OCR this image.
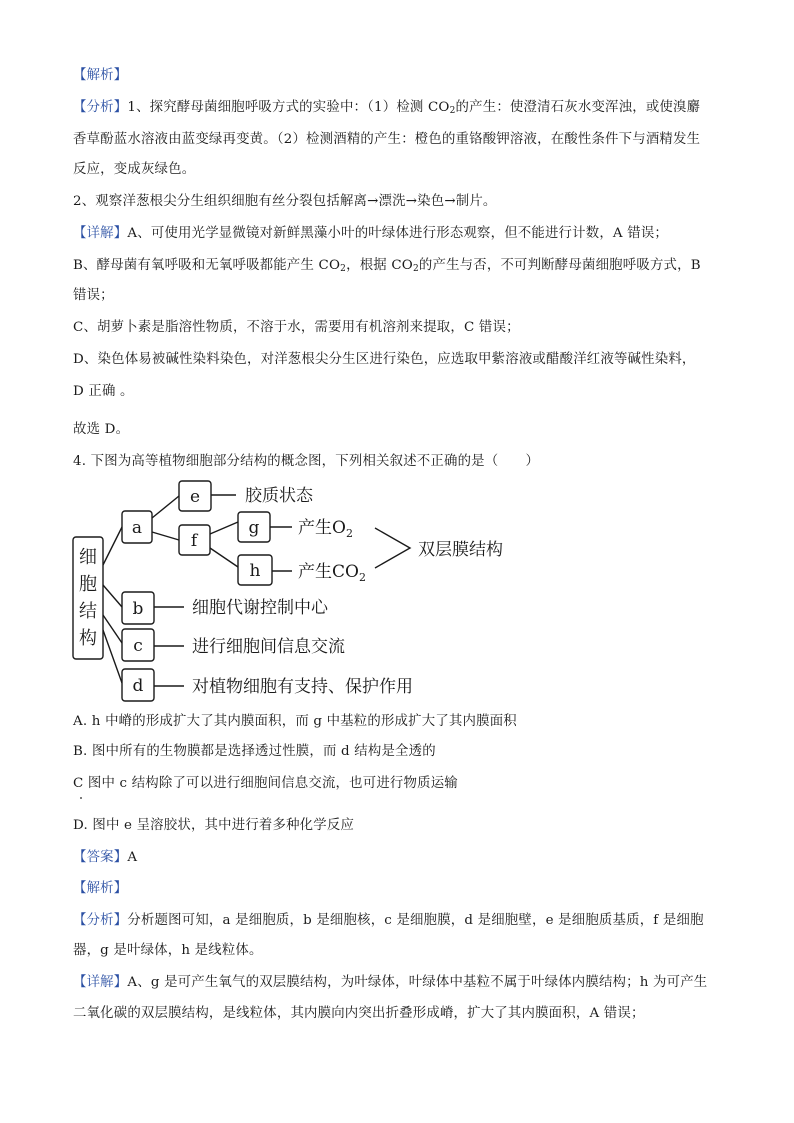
【解析】
【分析】1、探究酵母菌细胞呼吸方式的实验中：（1）检测 $CO_2$的产生：使澄清石灰水变浑浊，或使溴麝
香草酚蓝水溶液由蓝变绿再变黄。（2）检测酒精的产生：橙色的重铬酸钾溶液，在酸性条件下与酒精发生
反应，变成灰绿色。
2、观察洋葱根尖分生组织细胞有丝分裂包括解离→漂洗→染色→制片。
【详解】A、可使用光学显微镜对新鲜黑藻小叶的叶绿体进行形态观察，但不能进行计数，A 错误；
B、酵母菌有氧呼吸和无氧呼吸都能产生 $CO_2$，根据 $CO_2$的产生与否，不可判断酵母菌细胞呼吸方式，B
错误；
C、胡萝卜素是脂溶性物质，不溶于水，需要用有机溶剂来提取，C 错误；
D、染色体易被碱性染料染色，对洋葱根尖分生区进行染色，应选取甲紫溶液或醋酸洋红液等碱性染料，
D 正确 。
故选 D。
4. 下图为高等植物细胞部分结构的概念图，下列相关叙述不正确的是（　　）
细
胞
结
构
a
b
c
d
e
f
g
h
胶质状态
产生$O_2$
产生$CO_2$
双层膜结构
细胞代谢控制中心
进行细胞间信息交流
对植物细胞有支持、保护作用
A. h 中嵴的形成扩大了其内膜面积，而 g 中基粒的形成扩大了其内膜面积
B. 图中所有的生物膜都是选择透过性膜，而 d 结构是全透的
C 图中 c 结构除了可以进行细胞间信息交流，也可进行物质运输
D. 图中 e 呈溶胶状，其中进行着多种化学反应
【答案】A
【解析】
【分析】分析题图可知，a 是细胞质，b 是细胞核，c 是细胞膜，d 是细胞壁，e 是细胞质基质，f 是细胞
器，g 是叶绿体，h 是线粒体。
【详解】A、g 是可产生氧气的双层膜结构，为叶绿体，叶绿体中基粒不属于叶绿体内膜结构；h 为可产生
二氧化碳的双层膜结构，是线粒体，其内膜向内突出折叠形成嵴，扩大了其内膜面积，A 错误；
